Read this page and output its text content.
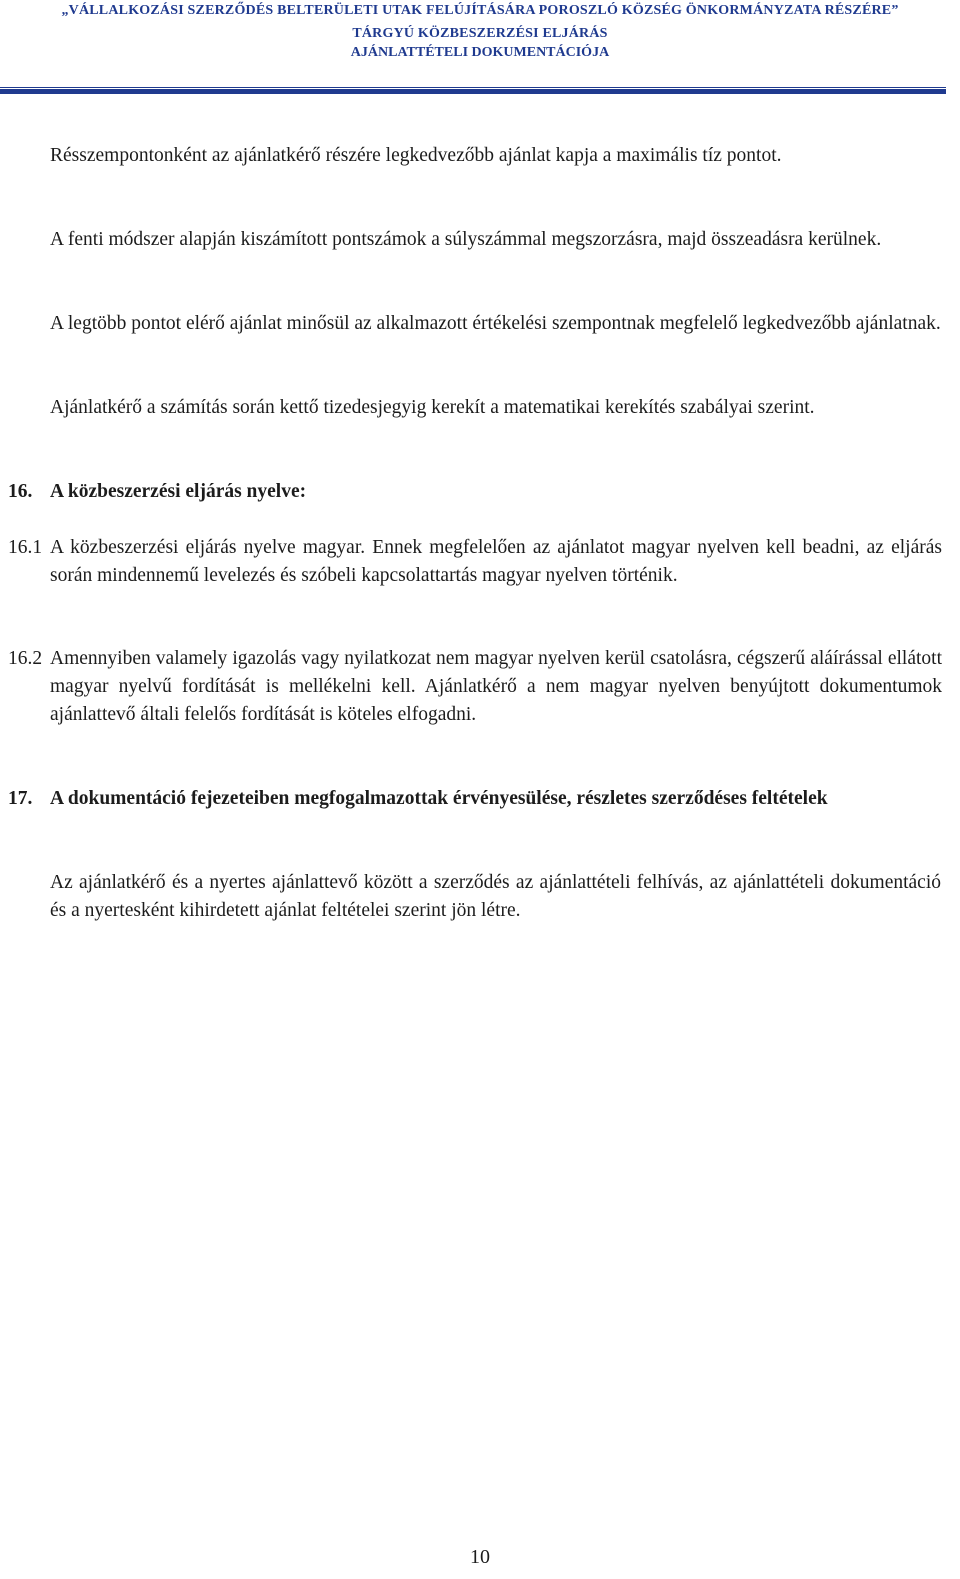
„VÁLLALKOZÁSI SZERZŐDÉS BELTERÜLETI UTAK FELÚJÍTÁSÁRA POROSZLÓ KÖZSÉG ÖNKORMÁNYZATA RÉSZÉRE”
TÁRGYÚ KÖZBESZERZÉSI ELJÁRÁS
AJÁNLATTÉTELI DOKUMENTÁCIÓJA
Résszempontonként az ajánlatkérő részére legkedvezőbb ajánlat kapja a maximális tíz pontot.
A fenti módszer alapján kiszámított pontszámok a súlyszámmal megszorzásra, majd összeadásra kerülnek.
A legtöbb pontot elérő ajánlat minősül az alkalmazott értékelési szempontnak megfelelő legkedvezőbb ajánlatnak.
Ajánlatkérő a számítás során kettő tizedesjegyig kerekít a matematikai kerekítés szabályai szerint.
16. A közbeszerzési eljárás nyelve:
16.1 A közbeszerzési eljárás nyelve magyar. Ennek megfelelően az ajánlatot magyar nyelven kell beadni, az eljárás során mindennemű levelezés és szóbeli kapcsolattartás magyar nyelven történik.
16.2 Amennyiben valamely igazolás vagy nyilatkozat nem magyar nyelven kerül csatolásra, cégszerű aláírással ellátott magyar nyelvű fordítását is mellékelni kell. Ajánlatkérő a nem magyar nyelven benyújtott dokumentumok ajánlattevő általi felelős fordítását is köteles elfogadni.
17. A dokumentáció fejezeteiben megfogalmazottak érvényesülése, részletes szerződéses feltételek
Az ajánlatkérő és a nyertes ajánlattevő között a szerződés az ajánlattételi felhívás, az ajánlattételi dokumentáció és a nyertesként kihirdetett ajánlat feltételei szerint jön létre.
10
